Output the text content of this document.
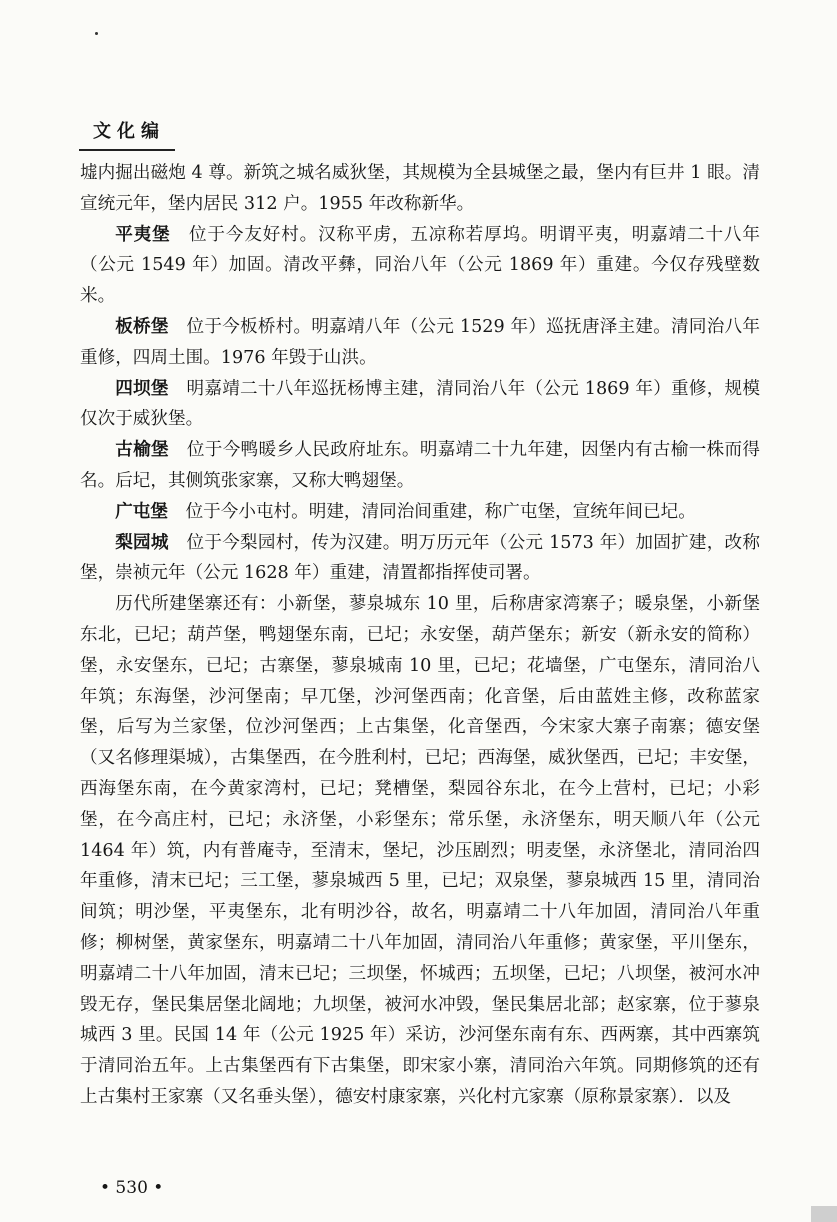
文化编

墟内掘出磁炮 4 尊。新筑之城名威狄堡，其规模为全县城堡之最，堡内有巨井 1 眼。清宣统元年，堡内居民 312 户。1955 年改称新华。

平夷堡 位于今友好村。汉称平虏，五凉称若厚坞。明谓平夷，明嘉靖二十八年（公元 1549 年）加固。清改平彝，同治八年（公元 1869 年）重建。今仅存残壁数米。

板桥堡 位于今板桥村。明嘉靖八年（公元 1529 年）巡抚唐泽主建。清同治八年重修，四周土围。1976 年毁于山洪。

四坝堡 明嘉靖二十八年巡抚杨博主建，清同治八年（公元 1869 年）重修，规模仅次于威狄堡。

古榆堡 位于今鸭暖乡人民政府址东。明嘉靖二十九年建，因堡内有古榆一株而得名。后圮，其侧筑张家寨，又称大鸭翅堡。

广屯堡 位于今小屯村。明建，清同治间重建，称广屯堡，宣统年间已圮。

梨园城 位于今梨园村，传为汉建。明万历元年（公元 1573 年）加固扩建，改称堡，崇祯元年（公元 1628 年）重建，清置都指挥使司署。

历代所建堡寨还有：小新堡，蓼泉城东 10 里，后称唐家湾寨子；暖泉堡，小新堡东北，已圮；葫芦堡，鸭翅堡东南，已圮；永安堡，葫芦堡东；新安（新永安的简称）堡，永安堡东，已圮；古寨堡，蓼泉城南 10 里，已圮；花墙堡，广屯堡东，清同治八年筑；东海堡，沙河堡南；早兀堡，沙河堡西南；化音堡，后由蓝姓主修，改称蓝家堡，后写为兰家堡，位沙河堡西；上古集堡，化音堡西，今宋家大寨子南寨；德安堡（又名修理渠城），古集堡西，在今胜利村，已圮；西海堡，威狄堡西，已圮；丰安堡，西海堡东南，在今黄家湾村，已圮；凳槽堡，梨园谷东北，在今上营村，已圮；小彩堡，在今高庄村，已圮；永济堡，小彩堡东；常乐堡，永济堡东，明天顺八年（公元 1464 年）筑，内有普庵寺，至清末，堡圮，沙压剧烈；明麦堡，永济堡北，清同治四年重修，清末已圮；三工堡，蓼泉城西 5 里，已圮；双泉堡，蓼泉城西 15 里，清同治间筑；明沙堡，平夷堡东，北有明沙谷，故名，明嘉靖二十八年加固，清同治八年重修；柳树堡，黄家堡东，明嘉靖二十八年加固，清同治八年重修；黄家堡，平川堡东，明嘉靖二十八年加固，清末已圮；三坝堡，怀城西；五坝堡，已圮；八坝堡，被河水冲毁无存，堡民集居堡北阔地；九坝堡，被河水冲毁，堡民集居北部；赵家寨，位于蓼泉城西 3 里。民国 14 年（公元 1925 年）采访，沙河堡东南有东、西两寨，其中西寨筑于清同治五年。上古集堡西有下古集堡，即宋家小寨，清同治六年筑。同期修筑的还有上古集村王家寨（又名垂头堡），德安村康家寨，兴化村亢家寨（原称景家寨）．以及

• 530 •
